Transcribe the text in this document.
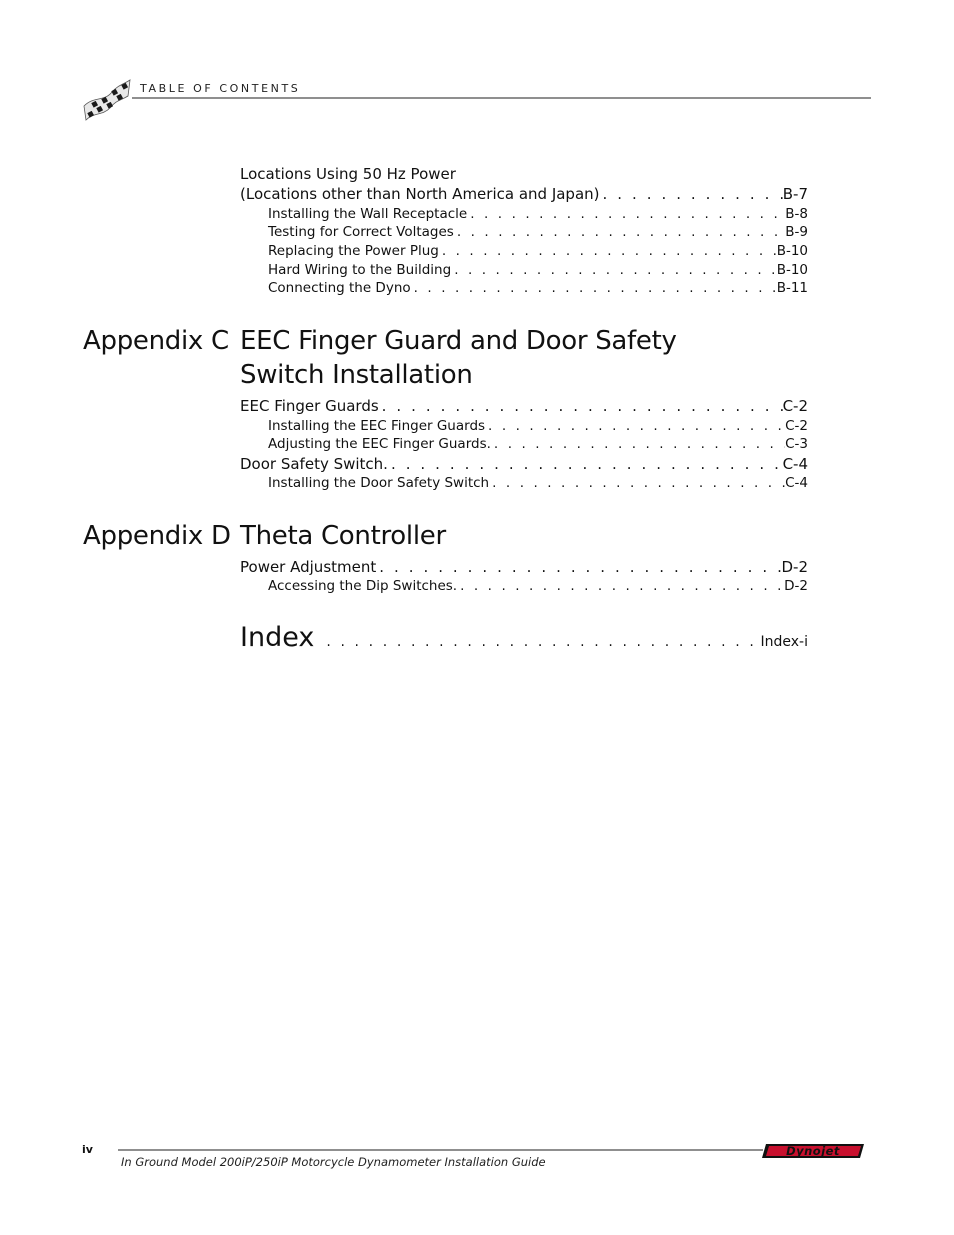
TABLE OF CONTENTS
Locations Using 50 Hz Power
(Locations other than North America and Japan) . . .	B-7
Installing the Wall Receptacle . . .	B-8
Testing for Correct Voltages . . .	B-9
Replacing the Power Plug . . .	B-10
Hard Wiring to the Building . . .	B-10
Connecting the Dyno . . .	B-11
Appendix C EEC Finger Guard and Door Safety
Switch Installation
EEC Finger Guards . . .	C-2
Installing the EEC Finger Guards . . .	C-2
Adjusting the EEC Finger Guards. . . .	C-3
Door Safety Switch. . . .	C-4
Installing the Door Safety Switch . . .	C-4
Appendix D Theta Controller
Power Adjustment . . .	D-2
Accessing the Dip Switches. . . .	D-2
Index . . .	Index-i
iv
In Ground Model 200iP/250iP Motorcycle Dynamometer Installation Guide
Dynojet
